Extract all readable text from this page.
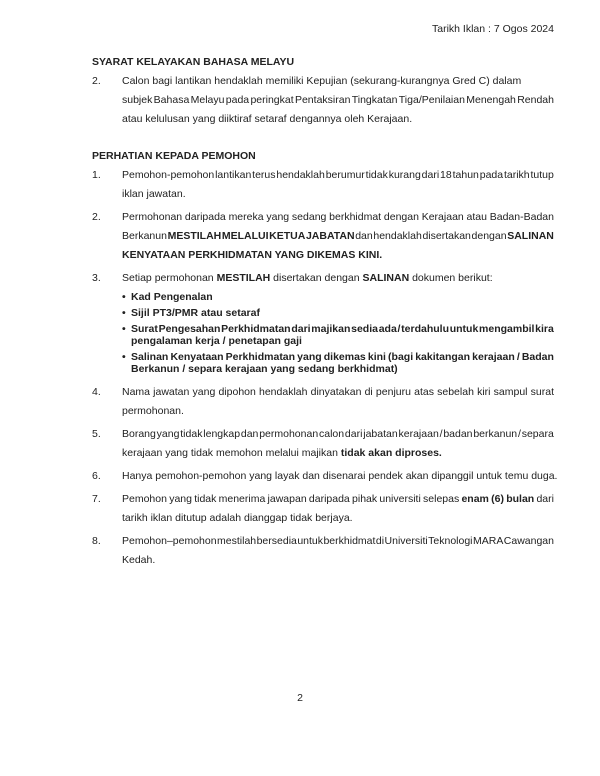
Tarikh Iklan : 7 Ogos 2024
SYARAT KELAYAKAN BAHASA MELAYU
2.	Calon bagi lantikan hendaklah memiliki Kepujian (sekurang-kurangnya Gred C) dalam
subjek Bahasa Melayu pada peringkat Pentaksiran Tingkatan Tiga/Penilaian Menengah Rendah
atau kelulusan yang diiktiraf setaraf dengannya oleh Kerajaan.
PERHATIAN KEPADA PEMOHON
1.	Pemohon-pemohon lantikan terus hendaklah berumur tidak kurang dari 18 tahun pada tarikh tutup
iklan jawatan.
2.	Permohonan daripada mereka yang sedang berkhidmat dengan Kerajaan atau Badan-Badan
Berkanun MESTILAH MELALUI KETUA JABATAN dan hendaklah disertakan dengan SALINAN
KENYATAAN PERKHIDMATAN YANG DIKEMAS KINI.
3.	Setiap permohonan MESTILAH disertakan dengan SALINAN dokumen berikut:
• Kad Pengenalan
• Sijil PT3/PMR atau setaraf
• Surat Pengesahan Perkhidmatan dari majikan sedia ada / terdahulu untuk mengambil kira
pengalaman kerja / penetapan gaji
• Salinan Kenyataan Perkhidmatan yang dikemas kini (bagi kakitangan kerajaan / Badan
Berkanun / separa kerajaan yang sedang berkhidmat)
4.	Nama jawatan yang dipohon hendaklah dinyatakan di penjuru atas sebelah kiri sampul surat
permohonan.
5.	Borang yang tidak lengkap dan permohonan calon dari jabatan kerajaan / badan berkanun / separa
kerajaan yang tidak memohon melalui majikan tidak akan diproses.
6.	Hanya pemohon-pemohon yang layak dan disenarai pendek akan dipanggil untuk temu duga.
7.	Pemohon yang tidak menerima jawapan daripada pihak universiti selepas enam (6) bulan dari
tarikh iklan ditutup adalah dianggap tidak berjaya.
8.	Pemohon–pemohon mestilah bersedia untuk berkhidmat di Universiti Teknologi MARA Cawangan
Kedah.
2
